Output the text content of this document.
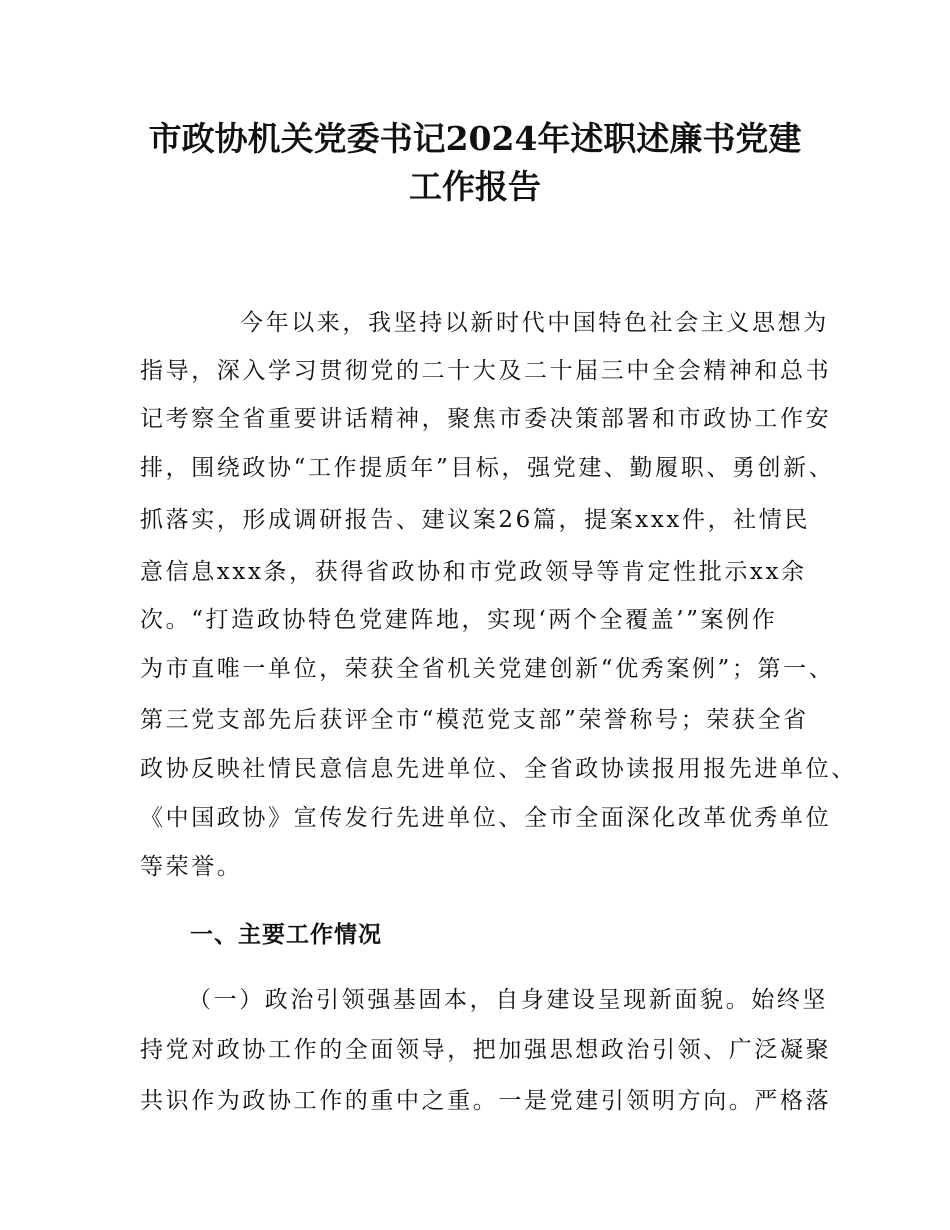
市政协机关党委书记2024年述职述廉书党建
工作报告
今年以来，我坚持以新时代中国特色社会主义思想为
指导，深入学习贯彻党的二十大及二十届三中全会精神和总书
记考察全省重要讲话精神，聚焦市委决策部署和市政协工作安
排，围绕政协“工作提质年”目标，强党建、勤履职、勇创新、
抓落实，形成调研报告、建议案26篇，提案xxx件，社情民
意信息xxx条，获得省政协和市党政领导等肯定性批示xx余
次。“打造政协特色党建阵地，实现‘两个全覆盖’”案例作
为市直唯一单位，荣获全省机关党建创新“优秀案例”；第一、
第三党支部先后获评全市“模范党支部”荣誉称号；荣获全省
政协反映社情民意信息先进单位、全省政协读报用报先进单位、
《中国政协》宣传发行先进单位、全市全面深化改革优秀单位
等荣誉。
一、主要工作情况
（一）政治引领强基固本，自身建设呈现新面貌。始终坚
持党对政协工作的全面领导，把加强思想政治引领、广泛凝聚
共识作为政协工作的重中之重。一是党建引领明方向。严格落
